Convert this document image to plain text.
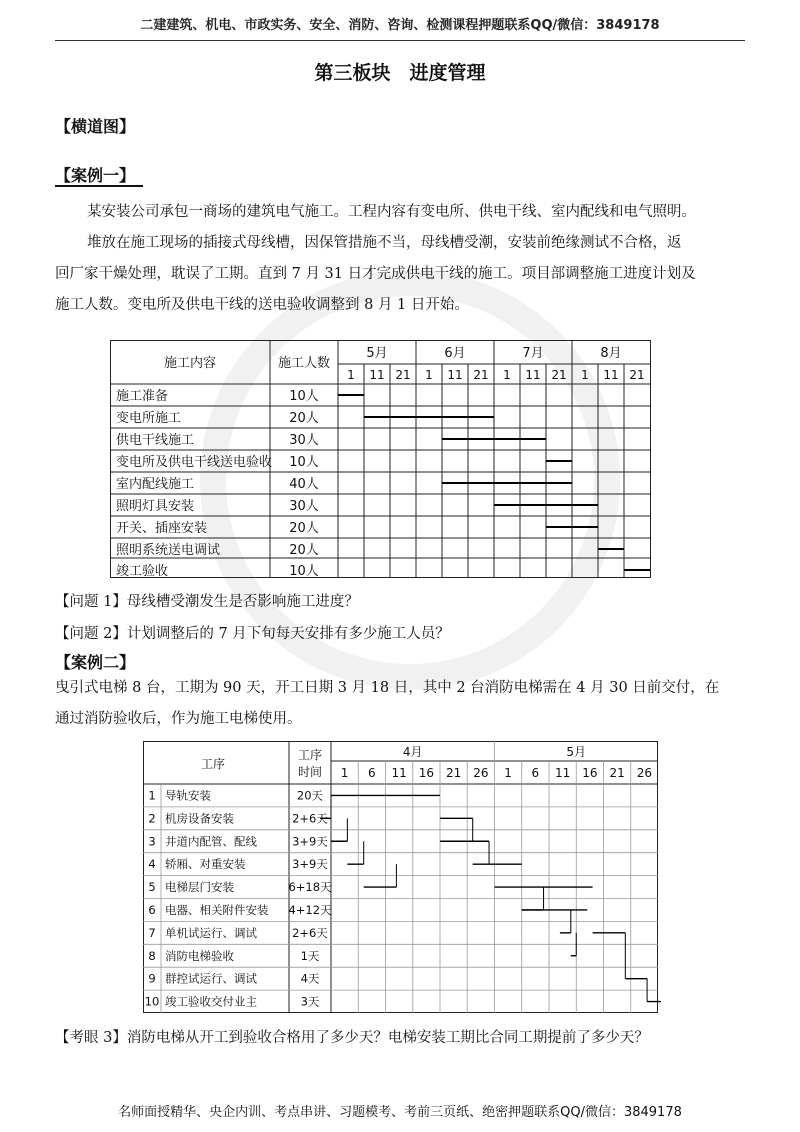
二建建筑、机电、市政实务、安全、消防、咨询、检测课程押题联系QQ/微信：3849178
第三板块　进度管理
【横道图】
【案例一】
某安装公司承包一商场的建筑电气施工。工程内容有变电所、供电干线、室内配线和电气照明。
堆放在施工现场的插接式母线槽，因保管措施不当，母线槽受潮，安装前绝缘测试不合格，返
回厂家干燥处理，耽误了工期。直到 7 月 31 日才完成供电干线的施工。项目部调整施工进度计划及
施工人数。变电所及供电干线的送电验收调整到 8 月 1 日开始。
施工内容	施工人数
5月	6月	7月	8月
1 11 21 1 11 21 1 11 21 1 11 21
施工准备	10人
变电所施工	20人
供电干线施工	30人
变电所及供电干线送电验收 10人
室内配线施工	40人
照明灯具安装	30人
开关、插座安装	20人
照明系统送电调试	20人
竣工验收	10人
【问题 1】母线槽受潮发生是否影响施工进度？
【问题 2】计划调整后的 7 月下旬每天安排有多少施工人员？
【案例二】
曳引式电梯 8 台，工期为 90 天，开工日期 3 月 18 日，其中 2 台消防电梯需在 4 月 30 日前交付，在
通过消防验收后，作为施工电梯使用。
工序
工序
时间
4月	5月
1 6 11 16 21 26 1 6 11 16 21 26
1 导轨安装	20天
2 机房设备安装	2+6天
3 井道内配管、配线	3+9天
4 轿厢、对重安装	3+9天
5 电梯层门安装	6+18天
6 电器、相关附件安装 4+12天
7 单机试运行、调试	2+6天
8 消防电梯验收	1天
9 群控试运行、调试	4天
10 竣工验收交付业主	3天
【考眼 3】消防电梯从开工到验收合格用了多少天？电梯安装工期比合同工期提前了多少天？
名师面授精华、央企内训、考点串讲、习题模考、考前三页纸、绝密押题联系QQ/微信：3849178
